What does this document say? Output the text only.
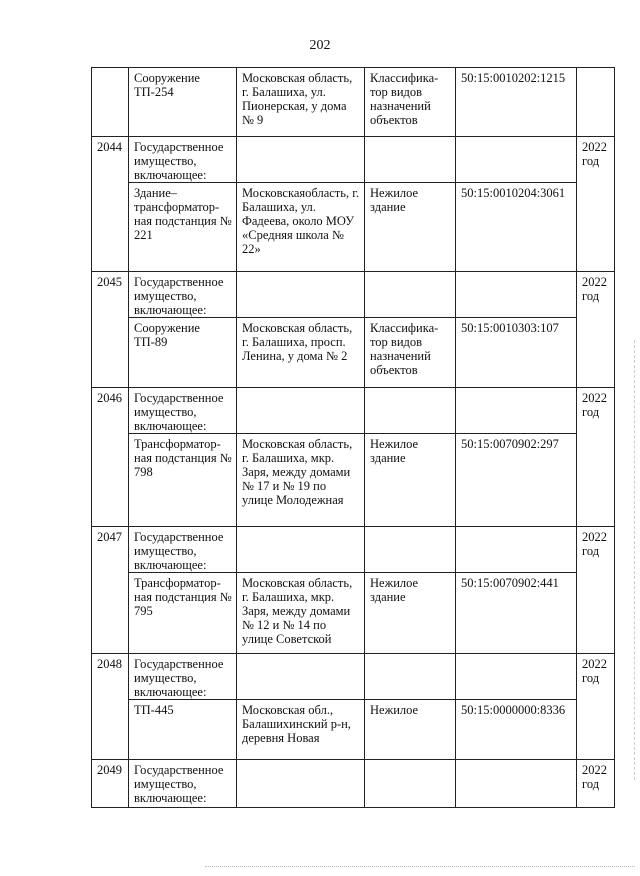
202
	Сооружение ТП-254	Московская область, г. Балашиха, ул. Пионерская, у дома № 9	Классифика-тор видов назначений объектов	50:15:0010202:1215	
2044	Государственное имущество, включающее:				2022
год
	Здание– трансформатор-ная подстанция № 221	Московскаяобласть, г. Балашиха, ул. Фадеева, около МОУ «Средняя школа № 22»	Нежилое здание	50:15:0010204:3061	
2045	Государственное имущество, включающее:				2022
год
	Сооружение ТП-89	Московская область, г. Балашиха, просп. Ленина, у дома № 2	Классифика-тор видов назначений объектов	50:15:0010303:107	
2046	Государственное имущество, включающее:				2022
год
	Трансформатор-ная подстанция № 798	Московская область, г. Балашиха, мкр. Заря, между домами № 17 и № 19 по улице Молодежная	Нежилое здание	50:15:0070902:297	
2047	Государственное имущество, включающее:				2022
год
	Трансформатор-ная подстанция № 795	Московская область, г. Балашиха, мкр. Заря, между домами № 12 и № 14 по улице Советской	Нежилое здание	50:15:0070902:441	
2048	Государственное имущество, включающее:				2022
год
	ТП-445	Московская обл., Балашихинский р-н, деревня Новая	Нежилое	50:15:0000000:8336	
2049	Государственное имущество, включающее:				2022
год
